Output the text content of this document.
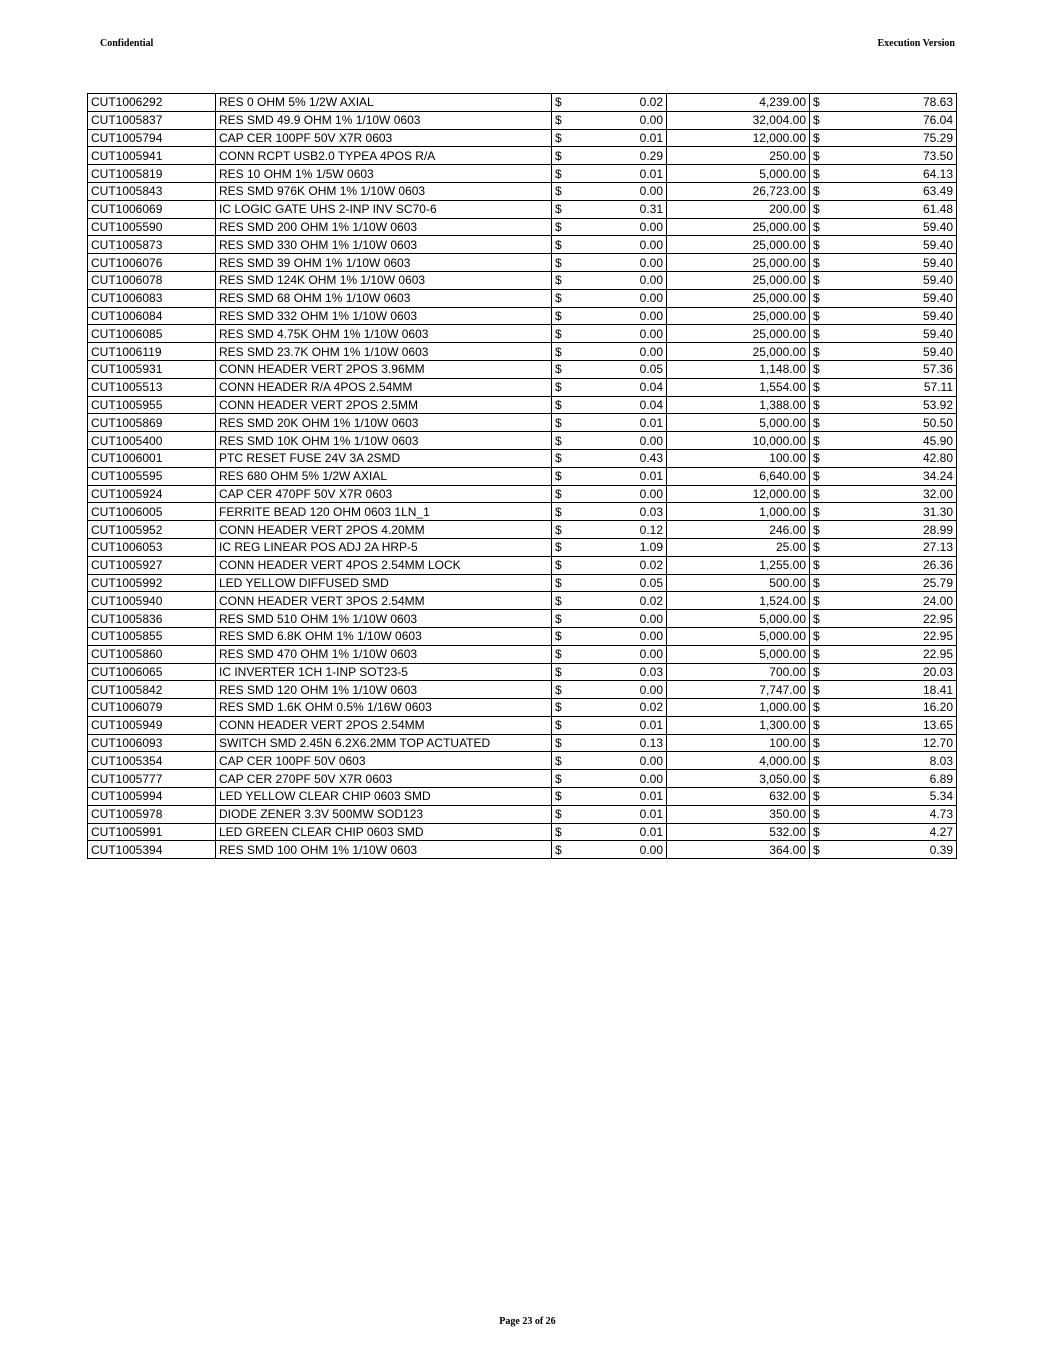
Confidential	Execution Version
CUT1006292	RES 0 OHM 5% 1/2W AXIAL	$	0.02	4,239.00	$	78.63
CUT1005837	RES SMD 49.9 OHM 1% 1/10W 0603	$	0.00	32,004.00	$	76.04
CUT1005794	CAP CER 100PF 50V X7R 0603	$	0.01	12,000.00	$	75.29
CUT1005941	CONN RCPT USB2.0 TYPEA 4POS R/A	$	0.29	250.00	$	73.50
CUT1005819	RES 10 OHM 1% 1/5W 0603	$	0.01	5,000.00	$	64.13
CUT1005843	RES SMD 976K OHM 1% 1/10W 0603	$	0.00	26,723.00	$	63.49
CUT1006069	IC LOGIC GATE UHS 2-INP INV SC70-6	$	0.31	200.00	$	61.48
CUT1005590	RES SMD 200 OHM 1% 1/10W 0603	$	0.00	25,000.00	$	59.40
CUT1005873	RES SMD 330 OHM 1% 1/10W 0603	$	0.00	25,000.00	$	59.40
CUT1006076	RES SMD 39 OHM 1% 1/10W 0603	$	0.00	25,000.00	$	59.40
CUT1006078	RES SMD 124K OHM 1% 1/10W 0603	$	0.00	25,000.00	$	59.40
CUT1006083	RES SMD 68 OHM 1% 1/10W 0603	$	0.00	25,000.00	$	59.40
CUT1006084	RES SMD 332 OHM 1% 1/10W 0603	$	0.00	25,000.00	$	59.40
CUT1006085	RES SMD 4.75K OHM 1% 1/10W 0603	$	0.00	25,000.00	$	59.40
CUT1006119	RES SMD 23.7K OHM 1% 1/10W 0603	$	0.00	25,000.00	$	59.40
CUT1005931	CONN HEADER VERT 2POS 3.96MM	$	0.05	1,148.00	$	57.36
CUT1005513	CONN HEADER R/A 4POS 2.54MM	$	0.04	1,554.00	$	57.11
CUT1005955	CONN HEADER VERT 2POS 2.5MM	$	0.04	1,388.00	$	53.92
CUT1005869	RES SMD 20K OHM 1% 1/10W 0603	$	0.01	5,000.00	$	50.50
CUT1005400	RES SMD 10K OHM 1% 1/10W 0603	$	0.00	10,000.00	$	45.90
CUT1006001	PTC RESET FUSE 24V 3A 2SMD	$	0.43	100.00	$	42.80
CUT1005595	RES 680 OHM 5% 1/2W AXIAL	$	0.01	6,640.00	$	34.24
CUT1005924	CAP CER 470PF 50V X7R 0603	$	0.00	12,000.00	$	32.00
CUT1006005	FERRITE BEAD 120 OHM 0603 1LN_1	$	0.03	1,000.00	$	31.30
CUT1005952	CONN HEADER VERT 2POS 4.20MM	$	0.12	246.00	$	28.99
CUT1006053	IC REG LINEAR POS ADJ 2A HRP-5	$	1.09	25.00	$	27.13
CUT1005927	CONN HEADER VERT 4POS 2.54MM LOCK	$	0.02	1,255.00	$	26.36
CUT1005992	LED YELLOW DIFFUSED SMD	$	0.05	500.00	$	25.79
CUT1005940	CONN HEADER VERT 3POS 2.54MM	$	0.02	1,524.00	$	24.00
CUT1005836	RES SMD 510 OHM 1% 1/10W 0603	$	0.00	5,000.00	$	22.95
CUT1005855	RES SMD 6.8K OHM 1% 1/10W 0603	$	0.00	5,000.00	$	22.95
CUT1005860	RES SMD 470 OHM 1% 1/10W 0603	$	0.00	5,000.00	$	22.95
CUT1006065	IC INVERTER 1CH 1-INP SOT23-5	$	0.03	700.00	$	20.03
CUT1005842	RES SMD 120 OHM 1% 1/10W 0603	$	0.00	7,747.00	$	18.41
CUT1006079	RES SMD 1.6K OHM 0.5% 1/16W 0603	$	0.02	1,000.00	$	16.20
CUT1005949	CONN HEADER VERT 2POS 2.54MM	$	0.01	1,300.00	$	13.65
CUT1006093	SWITCH SMD 2.45N 6.2X6.2MM TOP ACTUATED	$	0.13	100.00	$	12.70
CUT1005354	CAP CER 100PF 50V 0603	$	0.00	4,000.00	$	8.03
CUT1005777	CAP CER 270PF 50V X7R 0603	$	0.00	3,050.00	$	6.89
CUT1005994	LED YELLOW CLEAR CHIP 0603 SMD	$	0.01	632.00	$	5.34
CUT1005978	DIODE ZENER 3.3V 500MW SOD123	$	0.01	350.00	$	4.73
CUT1005991	LED GREEN CLEAR CHIP 0603 SMD	$	0.01	532.00	$	4.27
CUT1005394	RES SMD 100 OHM 1% 1/10W 0603	$	0.00	364.00	$	0.39
Page 23 of 26
